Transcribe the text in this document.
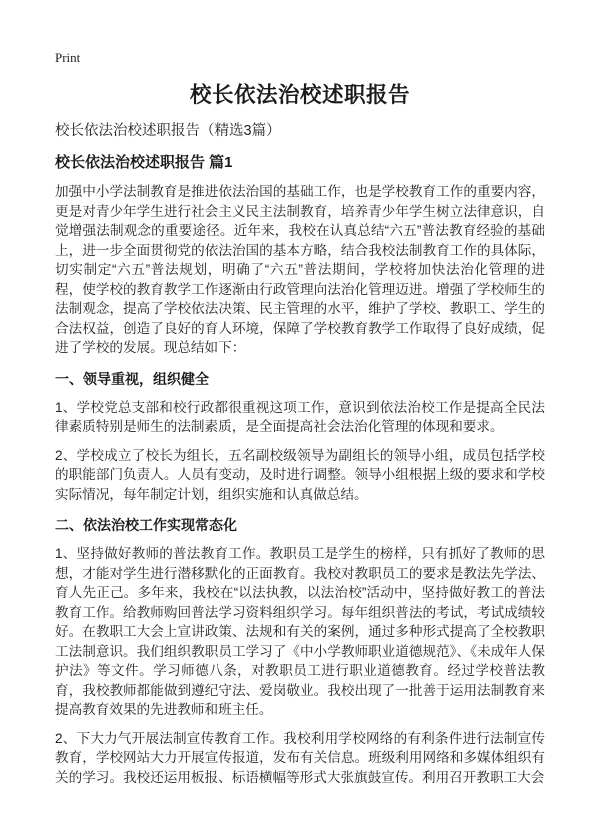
Print
校长依法治校述职报告
校长依法治校述职报告（精选3篇）
校长依法治校述职报告 篇1

加强中小学法制教育是推进依法治国的基础工作，也是学校教育工作的重要内容，更是对青少年学生进行社会主义民主法制教育，培养青少年学生树立法律意识，自觉增强法制观念的重要途径。近年来，我校在认真总结“六五”普法教育经验的基础上，进一步全面贯彻党的依法治国的基本方略，结合我校法制教育工作的具体际，切实制定“六五”普法规划，明确了“六五”普法期间，学校将加快法治化管理的进程，使学校的教育教学工作逐渐由行政管理向法治化管理迈进。增强了学校师生的法制观念，提高了学校依法决策、民主管理的水平，维护了学校、教职工、学生的合法权益，创造了良好的育人环境，保障了学校教育教学工作取得了良好成绩，促进了学校的发展。现总结如下：

一、领导重视，组织健全

1、学校党总支部和校行政都很重视这项工作，意识到依法治校工作是提高全民法律素质特别是师生的法制素质，是全面提高社会法治化管理的体现和要求。

2、学校成立了校长为组长，五名副校级领导为副组长的领导小组，成员包括学校的职能部门负责人。人员有变动，及时进行调整。领导小组根据上级的要求和学校实际情况，每年制定计划，组织实施和认真做总结。

二、依法治校工作实现常态化

1、坚持做好教师的普法教育工作。教职员工是学生的榜样，只有抓好了教师的思想，才能对学生进行潜移默化的正面教育。我校对教职员工的要求是教法先学法、育人先正己。多年来，我校在“以法执教，以法治校”活动中，坚持做好教工的普法教育工作。给教师购回普法学习资料组织学习。每年组织普法的考试，考试成绩较好。在教职工大会上宣讲政策、法规和有关的案例，通过多种形式提高了全校教职工法制意识。我们组织教职员工学习了《中小学教师职业道德规范》、《未成年人保护法》等文件。学习师德八条，对教职员工进行职业道德教育。经过学校普法教育，我校教师都能做到遵纪守法、爱岗敬业。我校出现了一批善于运用法制教育来提高教育效果的先进教师和班主任。

2、下大力气开展法制宣传教育工作。我校利用学校网络的有利条件进行法制宣传教育，学校网站大力开展宣传报道，发布有关信息。班级利用网络和多媒体组织有关的学习。我校还运用板报、标语横幅等形式大张旗鼓宣传。利用召开教职工大会
